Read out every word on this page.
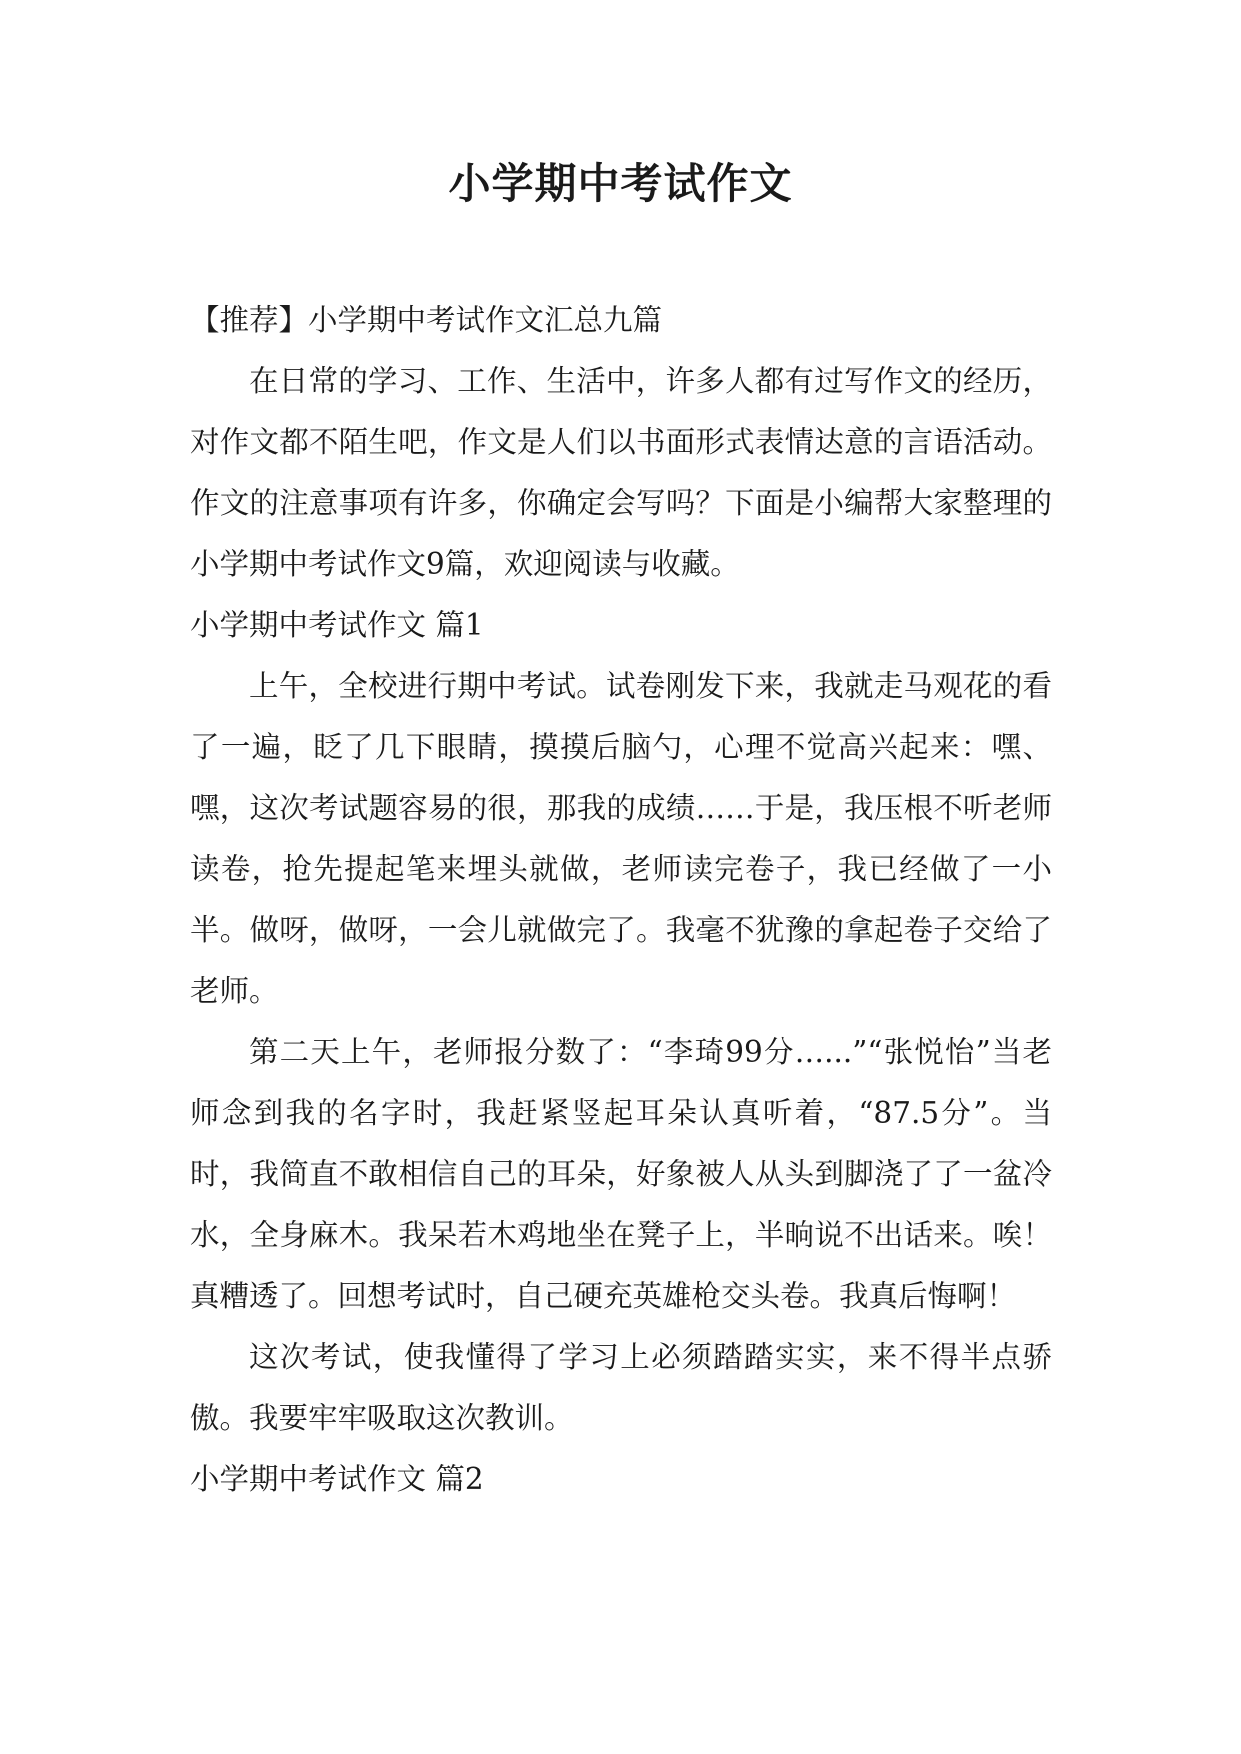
小学期中考试作文

【推荐】小学期中考试作文汇总九篇

在日常的学习、工作、生活中，许多人都有过写作文的经历，对作文都不陌生吧，作文是人们以书面形式表情达意的言语活动。作文的注意事项有许多，你确定会写吗？下面是小编帮大家整理的小学期中考试作文9篇，欢迎阅读与收藏。

小学期中考试作文 篇1

上午，全校进行期中考试。试卷刚发下来，我就走马观花的看了一遍，眨了几下眼睛，摸摸后脑勺，心理不觉高兴起来：嘿、嘿，这次考试题容易的很，那我的成绩……于是，我压根不听老师读卷，抢先提起笔来埋头就做，老师读完卷子，我已经做了一小半。做呀，做呀，一会儿就做完了。我毫不犹豫的拿起卷子交给了老师。

第二天上午，老师报分数了：“李琦99分…...”“张悦怡”当老师念到我的名字时，我赶紧竖起耳朵认真听着，“87.5分”。当时，我简直不敢相信自己的耳朵，好象被人从头到脚浇了了一盆冷水，全身麻木。我呆若木鸡地坐在凳子上，半晌说不出话来。唉！真糟透了。回想考试时，自己硬充英雄枪交头卷。我真后悔啊！

这次考试，使我懂得了学习上必须踏踏实实，来不得半点骄傲。我要牢牢吸取这次教训。

小学期中考试作文 篇2
